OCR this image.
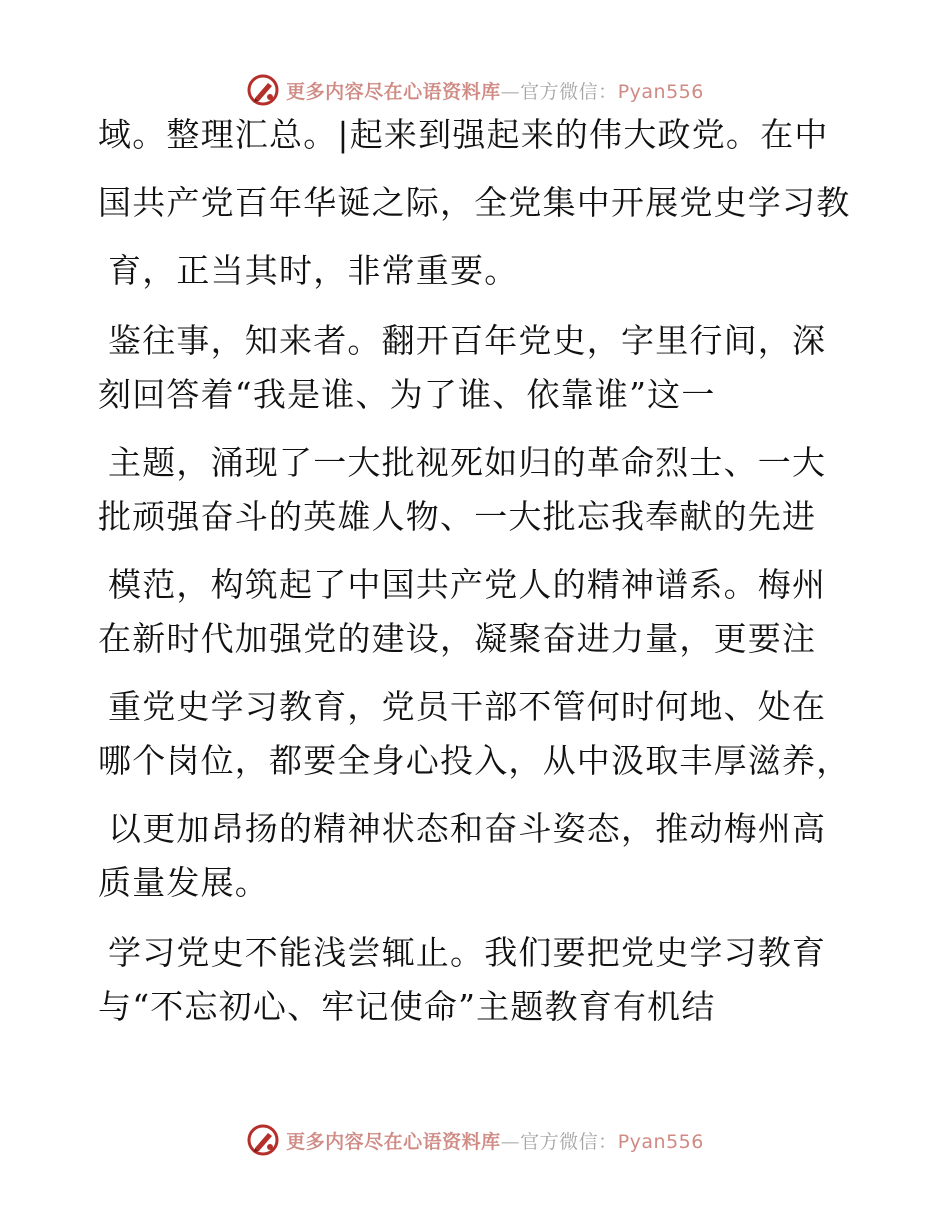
更多内容尽在心语资料库—官方微信：Pyan556
域。整理汇总。|起来到强起来的伟大政党。在中
国共产党百年华诞之际，全党集中开展党史学习教
育，正当其时，非常重要。
鉴往事，知来者。翻开百年党史，字里行间，深
刻回答着“我是谁、为了谁、依靠谁”这一
主题，涌现了一大批视死如归的革命烈士、一大
批顽强奋斗的英雄人物、一大批忘我奉献的先进
模范，构筑起了中国共产党人的精神谱系。梅州
在新时代加强党的建设，凝聚奋进力量，更要注
重党史学习教育，党员干部不管何时何地、处在
哪个岗位，都要全身心投入，从中汲取丰厚滋养，
以更加昂扬的精神状态和奋斗姿态，推动梅州高
质量发展。
学习党史不能浅尝辄止。我们要把党史学习教育
与“不忘初心、牢记使命”主题教育有机结
更多内容尽在心语资料库—官方微信：Pyan556
